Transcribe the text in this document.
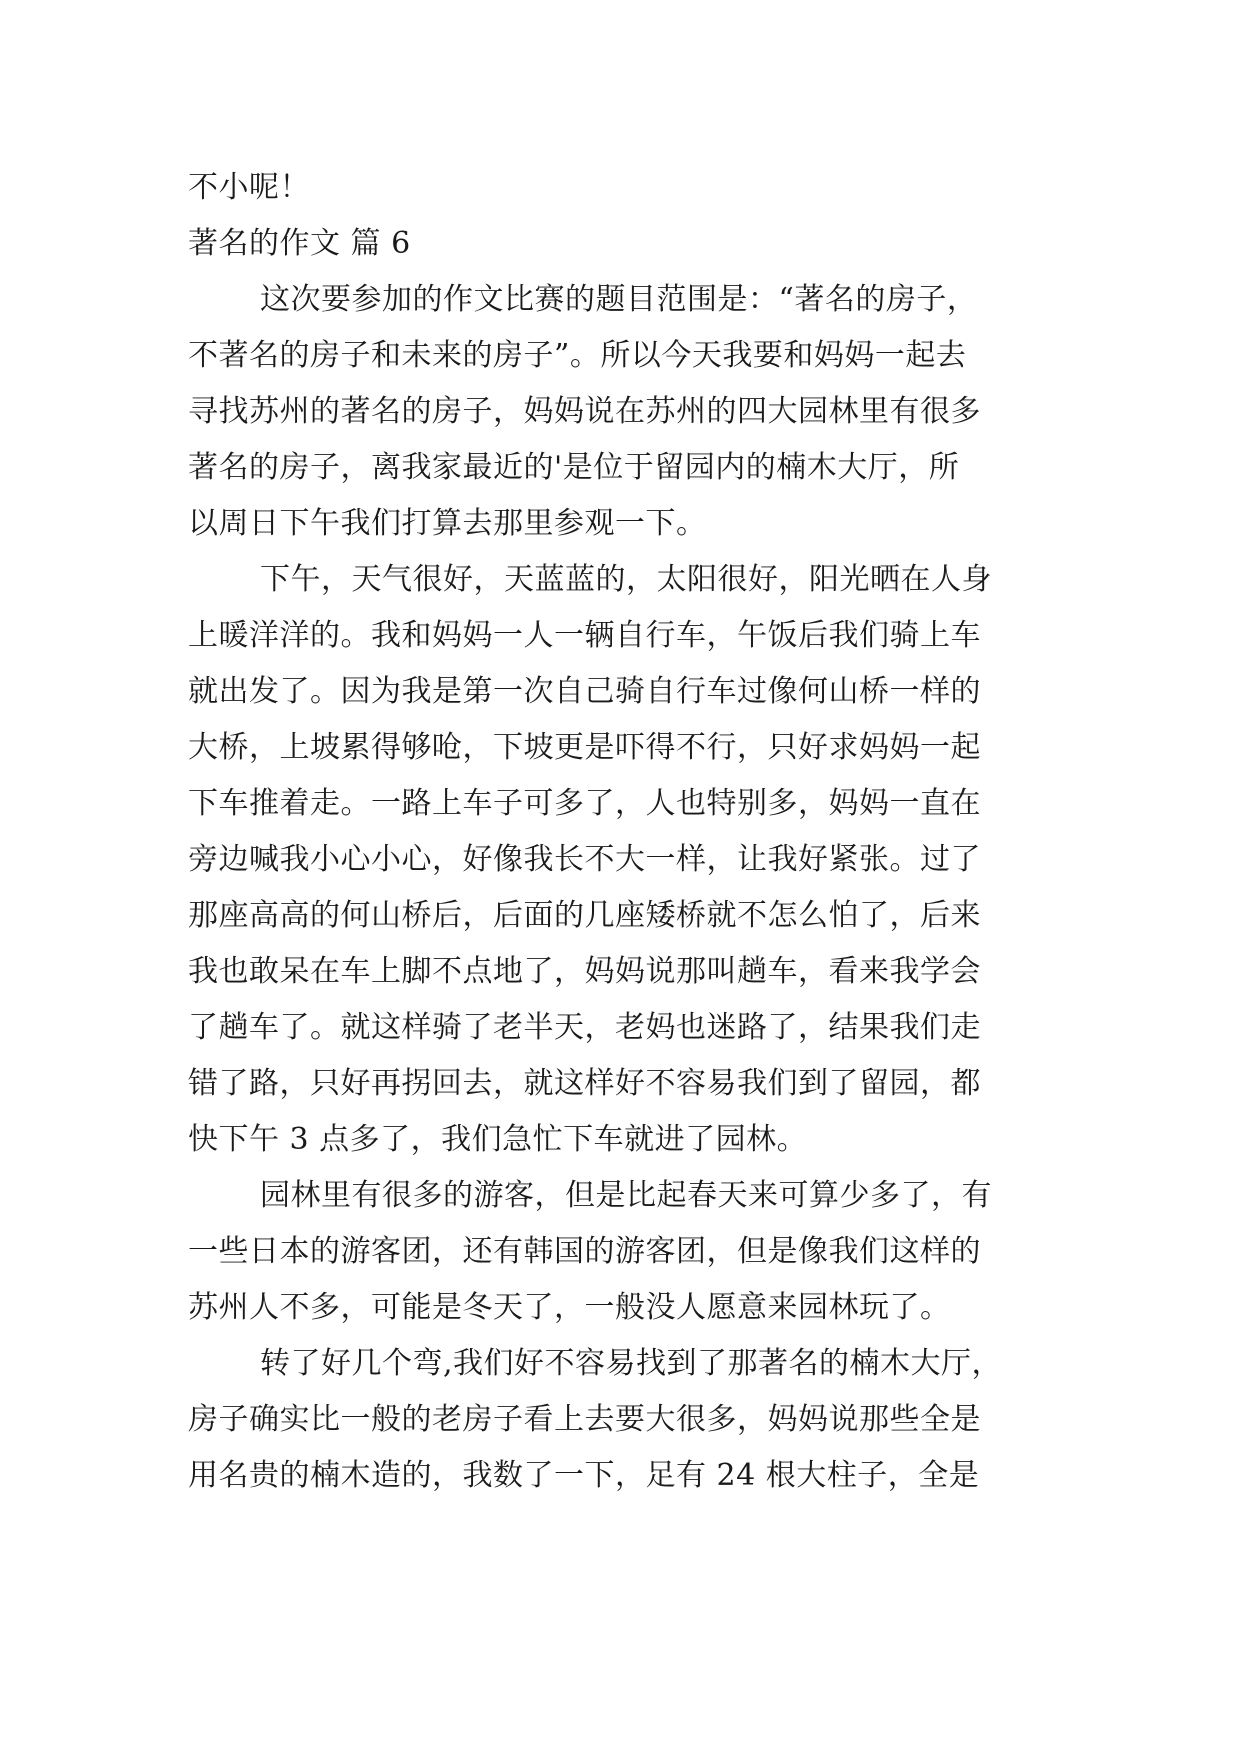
不小呢！
著名的作文 篇 6
这次要参加的作文比赛的题目范围是：“著名的房子，
不著名的房子和未来的房子”。所以今天我要和妈妈一起去
寻找苏州的著名的房子，妈妈说在苏州的四大园林里有很多
著名的房子，离我家最近的'是位于留园内的楠木大厅，所
以周日下午我们打算去那里参观一下。
下午，天气很好，天蓝蓝的，太阳很好，阳光晒在人身
上暖洋洋的。我和妈妈一人一辆自行车，午饭后我们骑上车
就出发了。因为我是第一次自己骑自行车过像何山桥一样的
大桥，上坡累得够呛，下坡更是吓得不行，只好求妈妈一起
下车推着走。一路上车子可多了，人也特别多，妈妈一直在
旁边喊我小心小心，好像我长不大一样，让我好紧张。过了
那座高高的何山桥后，后面的几座矮桥就不怎么怕了，后来
我也敢呆在车上脚不点地了，妈妈说那叫趟车，看来我学会
了趟车了。就这样骑了老半天，老妈也迷路了，结果我们走
错了路，只好再拐回去，就这样好不容易我们到了留园，都
快下午 3 点多了，我们急忙下车就进了园林。
园林里有很多的游客，但是比起春天来可算少多了，有
一些日本的游客团，还有韩国的游客团，但是像我们这样的
苏州人不多，可能是冬天了，一般没人愿意来园林玩了。
转了好几个弯,我们好不容易找到了那著名的楠木大厅，
房子确实比一般的老房子看上去要大很多，妈妈说那些全是
用名贵的楠木造的，我数了一下，足有 24 根大柱子，全是
